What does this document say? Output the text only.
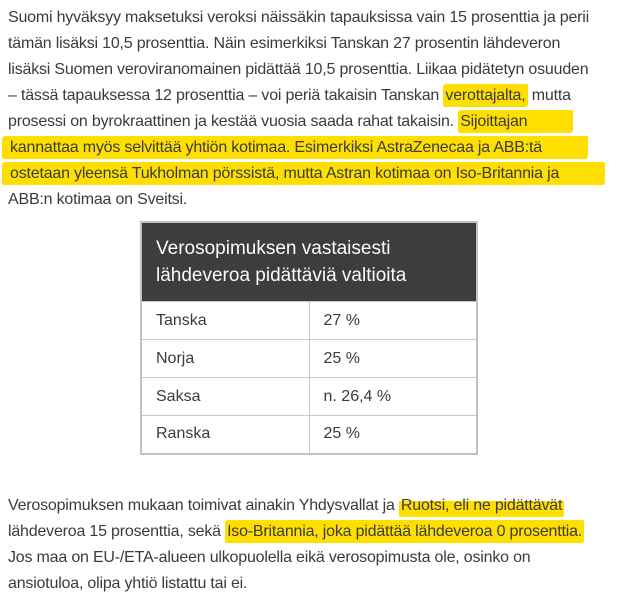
Suomi hyväksyy maksetuksi veroksi näissäkin tapauksissa vain 15 prosenttia ja perii
tämän lisäksi 10,5 prosenttia. Näin esimerkiksi Tanskan 27 prosentin lähdeveron
lisäksi Suomen veroviranomainen pidättää 10,5 prosenttia. Liikaa pidätetyn osuuden
– tässä tapauksessa 12 prosenttia – voi periä takaisin Tanskan verottajalta, mutta
prosessi on byrokraattinen ja kestää vuosia saada rahat takaisin. Sijoittajan
kannattaa myös selvittää yhtiön kotimaa. Esimerkiksi AstraZenecaa ja ABB:tä
ostetaan yleensä Tukholman pörssistä, mutta Astran kotimaa on Iso-Britannia ja
ABB:n kotimaa on Sveitsi.
Verosopimuksen vastaisesti lähdeveroa pidättäviä valtioita	
Tanska	27 %
Norja	25 %
Saksa	n. 26,4 %
Ranska	25 %
Verosopimuksen mukaan toimivat ainakin Yhdysvallat ja Ruotsi, eli ne pidättävät
lähdeveroa 15 prosenttia, sekä Iso-Britannia, joka pidättää lähdeveroa 0 prosenttia.
Jos maa on EU-/ETA-alueen ulkopuolella eikä verosopimusta ole, osinko on
ansiotuloa, olipa yhtiö listattu tai ei.
